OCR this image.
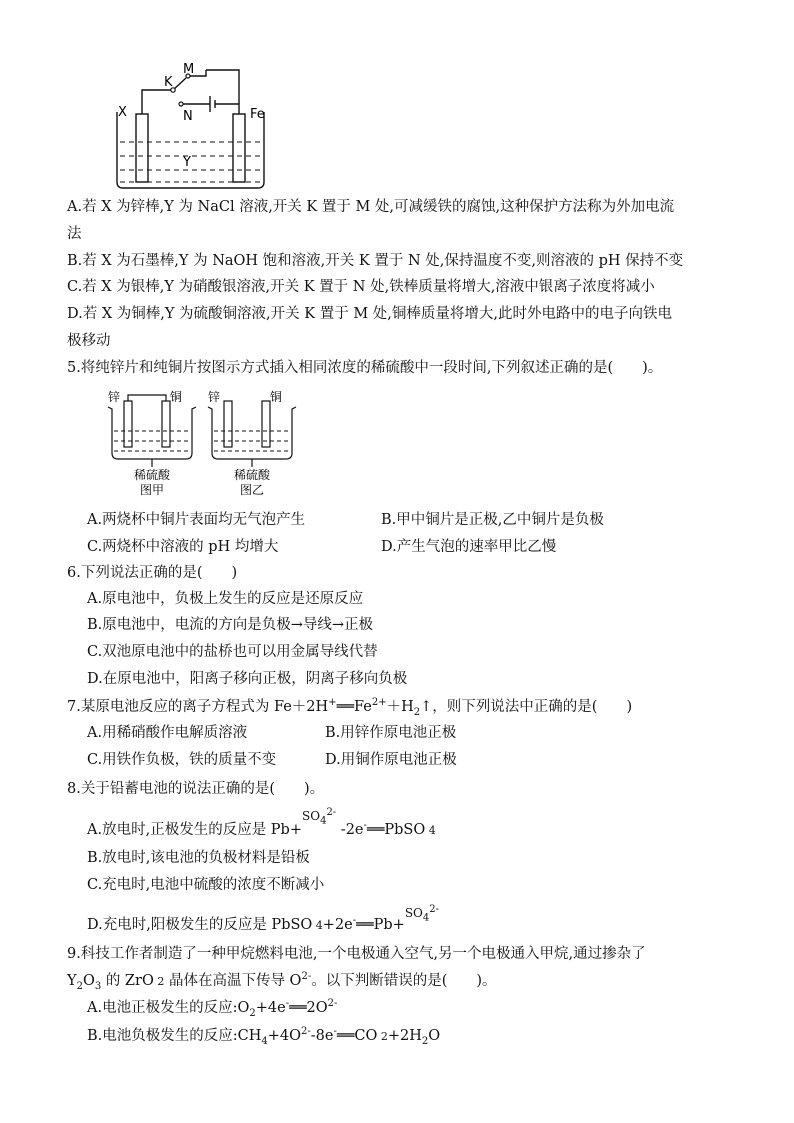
K
M
N
X
Y
Fe
A.若 X 为锌棒,Y 为 NaCl 溶液,开关 K 置于 M 处,可减缓铁的腐蚀,这种保护方法称为外加电流
法
B.若 X 为石墨棒,Y 为 NaOH 饱和溶液,开关 K 置于 N 处,保持温度不变,则溶液的 pH 保持不变
C.若 X 为银棒,Y 为硝酸银溶液,开关 K 置于 N 处,铁棒质量将增大,溶液中银离子浓度将减小
D.若 X 为铜棒,Y 为硫酸铜溶液,开关 K 置于 M 处,铜棒质量将增大,此时外电路中的电子向铁电
极移动
5.将纯锌片和纯铜片按图示方式插入相同浓度的稀硫酸中一段时间,下列叙述正确的是(　　)。
锌	铜 锌	铜
稀硫酸	稀硫酸
图甲	图乙
A.两烧杯中铜片表面均无气泡产生	B.甲中铜片是正极,乙中铜片是负极
C.两烧杯中溶液的 pH 均增大	D.产生气泡的速率甲比乙慢
6.下列说法正确的是(　　)
A.原电池中，负极上发生的反应是还原反应
B.原电池中，电流的方向是负极→导线→正极
C.双池原电池中的盐桥也可以用金属导线代替
D.在原电池中，阳离子移向正极，阴离子移向负极
7.某原电池反应的离子方程式为 $Fe+2H^+══Fe^{2+}+H_2↑$，则下列说法中正确的是(　　)
A.用稀硝酸作电解质溶液	B.用锌作原电池正极
C.用铁作负极，铁的质量不变	D.用铜作原电池正极
8.关于铅蓄电池的说法正确的是(　　)。
A.放电时,正极发生的反应是 Pb+$^{SO_4^{2-}}$ -2e-══PbSO 4
B.放电时,该电池的负极材料是铅板
C.充电时,电池中硫酸的浓度不断减小
D.充电时,阳极发生的反应是 PbSO 4+2e-══Pb+$^{SO_4^{2-}}$
9.科技工作者制造了一种甲烷燃料电池,一个电极通入空气,另一个电极通入甲烷,通过掺杂了
$Y_2O_3$ 的 ZrO 2 晶体在高温下传导 $O^{2-}$。以下判断错误的是(　　)。
A.电池正极发生的反应$:O_2+4e^-══2O^{2-}$
B.电池负极发生的反应$:CH_4+4O^{2-}-8e^-══CO$ $2+2H_2O$
